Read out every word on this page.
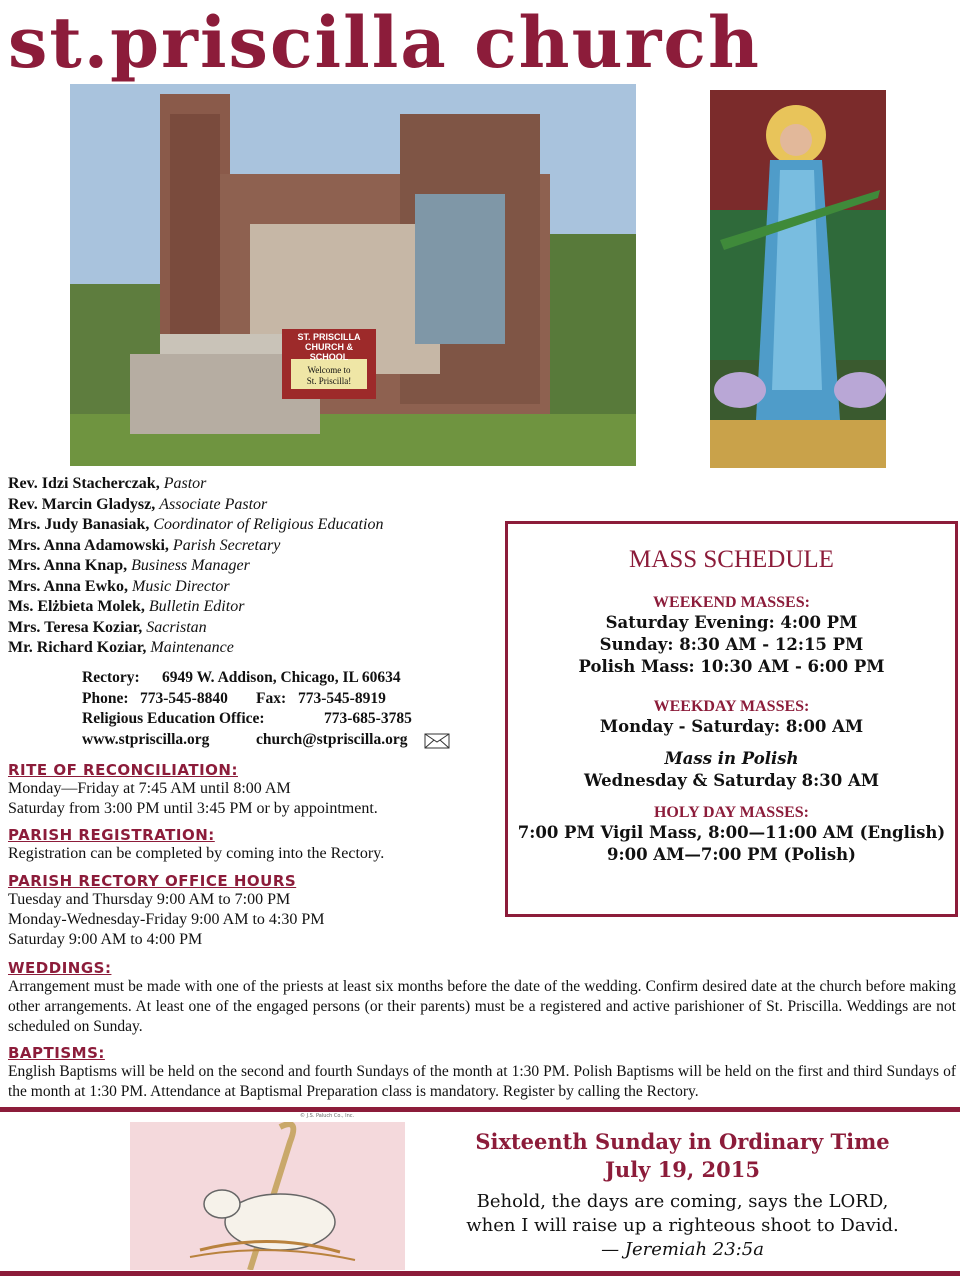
st.priscilla church
ST. PRISCILLA CHURCH & SCHOOL
Welcome to
St. Priscilla!
Rev. Idzi Stacherczak, Pastor
Rev. Marcin Gladysz, Associate Pastor
Mrs. Judy Banasiak, Coordinator of Religious Education
Mrs. Anna Adamowski, Parish Secretary
Mrs. Anna Knap, Business Manager
Mrs. Anna Ewko, Music Director
Ms. Elżbieta Molek, Bulletin Editor
Mrs. Teresa Koziar, Sacristan
Mr. Richard Koziar, Maintenance
Rectory: 6949 W. Addison, Chicago, IL 60634
Phone: 773-545-8840 Fax: 773-545-8919
Religious Education Office:	773-685-3785
www.stpriscilla.org	church@stpriscilla.org
RITE OF RECONCILIATION:
Monday—Friday at 7:45 AM until 8:00 AM
Saturday from 3:00 PM until 3:45 PM or by appointment.
PARISH REGISTRATION:
Registration can be completed by coming into the Rectory.
PARISH RECTORY OFFICE HOURS
Tuesday and Thursday 9:00 AM to 7:00 PM
Monday-Wednesday-Friday 9:00 AM to 4:30 PM
Saturday 9:00 AM to 4:00 PM
MASS SCHEDULE
WEEKEND MASSES:
Saturday Evening: 4:00 PM
Sunday: 8:30 AM - 12:15 PM
Polish Mass: 10:30 AM - 6:00 PM
WEEKDAY MASSES:
Monday - Saturday: 8:00 AM
Mass in Polish
Wednesday & Saturday 8:30 AM
HOLY DAY MASSES:
7:00 PM Vigil Mass, 8:00—11:00 AM (English)
9:00 AM—7:00 PM (Polish)
WEDDINGS:
Arrangement must be made with one of the priests at least six months before the date of the wedding. Confirm desired date at the church before making other arrangements. At least one of the engaged persons (or their parents) must be a registered and active parishioner of St. Priscilla. Weddings are not scheduled on Sunday.
BAPTISMS:
English Baptisms will be held on the second and fourth Sundays of the month at 1:30 PM. Polish Baptisms will be held on the first and third Sundays of the month at 1:30 PM. Attendance at Baptismal Preparation class is mandatory. Register by calling the Rectory.
© J.S. Paluch Co., Inc.
Sixteenth Sunday in Ordinary Time
July 19, 2015
Behold, the days are coming, says the LORD,
when I will raise up a righteous shoot to David.
— Jeremiah 23:5a
